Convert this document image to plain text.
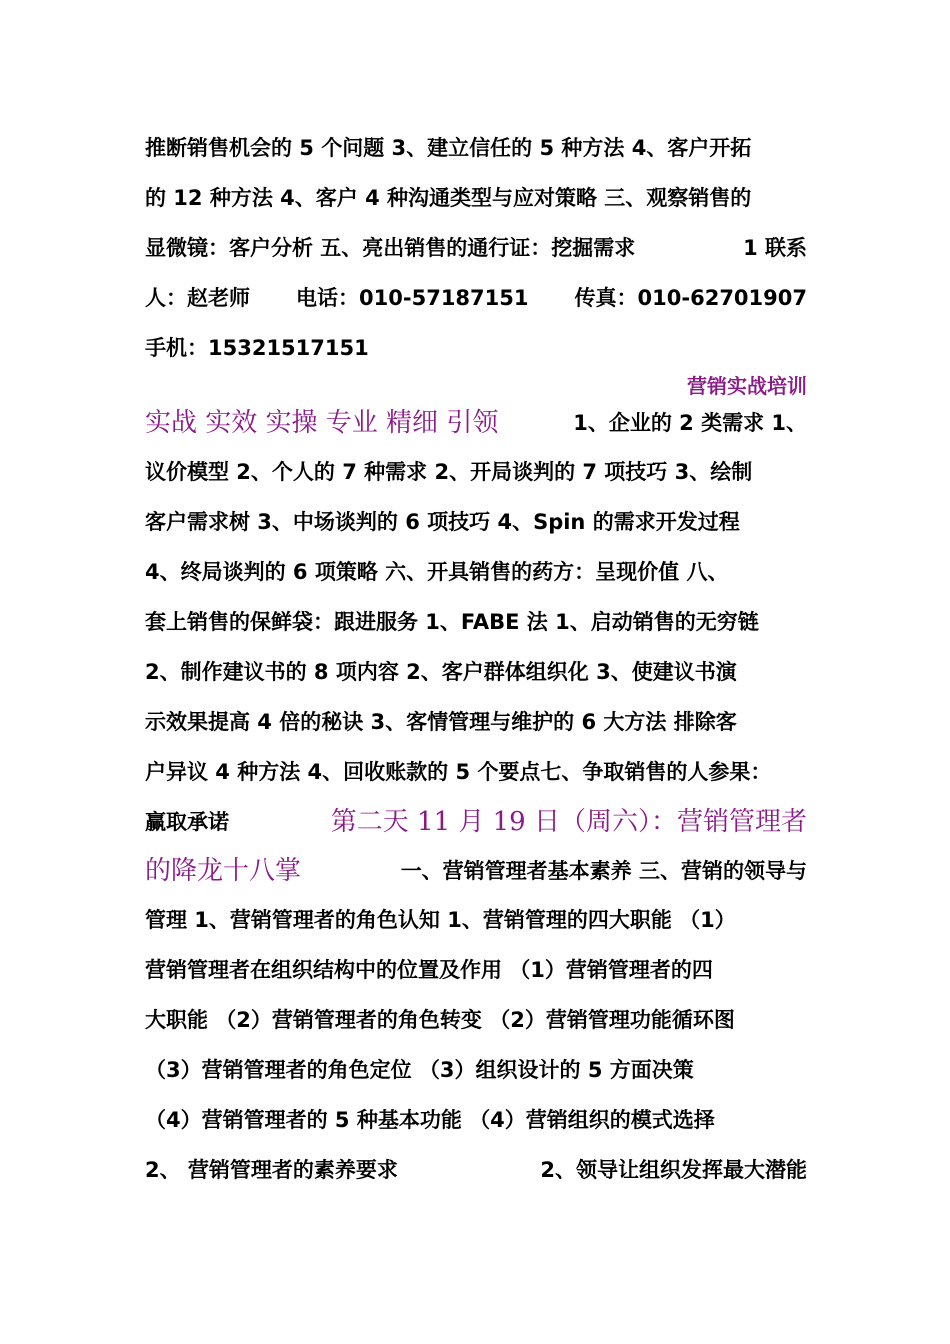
推断销售机会的 5 个问题 3、建立信任的 5 种方法 4、客户开拓
的 12 种方法 4、客户 4 种沟通类型与应对策略 三、观察销售的
显微镜：客户分析 五、亮出销售的通行证：挖掘需求	1 联系
人：赵老师 电话：010-57187151 传真：010-62701907
手机：15321517151
营销实战培训
实战 实效 实操 专业 精细 引领	1、企业的 2 类需求 1、
议价模型 2、个人的 7 种需求 2、开局谈判的 7 项技巧 3、绘制
客户需求树 3、中场谈判的 6 项技巧 4、Spin 的需求开发过程
4、终局谈判的 6 项策略 六、开具销售的药方：呈现价值 八、
套上销售的保鲜袋：跟进服务 1、FABE 法 1、启动销售的无穷链
2、制作建议书的 8 项内容 2、客户群体组织化 3、使建议书演
示效果提高 4 倍的秘诀 3、客情管理与维护的 6 大方法 排除客
户异议 4 种方法 4、回收账款的 5 个要点七、争取销售的人参果：
赢取承诺	第二天 11 月 19 日（周六）：营销管理者
的降龙十八掌	一、营销管理者基本素养 三、营销的领导与
管理 1、营销管理者的角色认知 1、营销管理的四大职能 （1）
营销管理者在组织结构中的位置及作用 （1）营销管理者的四
大职能 （2）营销管理者的角色转变 （2）营销管理功能循环图
（3）营销管理者的角色定位 （3）组织设计的 5 方面决策
（4）营销管理者的 5 种基本功能 （4）营销组织的模式选择
2、 营销管理者的素养要求	2、领导让组织发挥最大潜能
